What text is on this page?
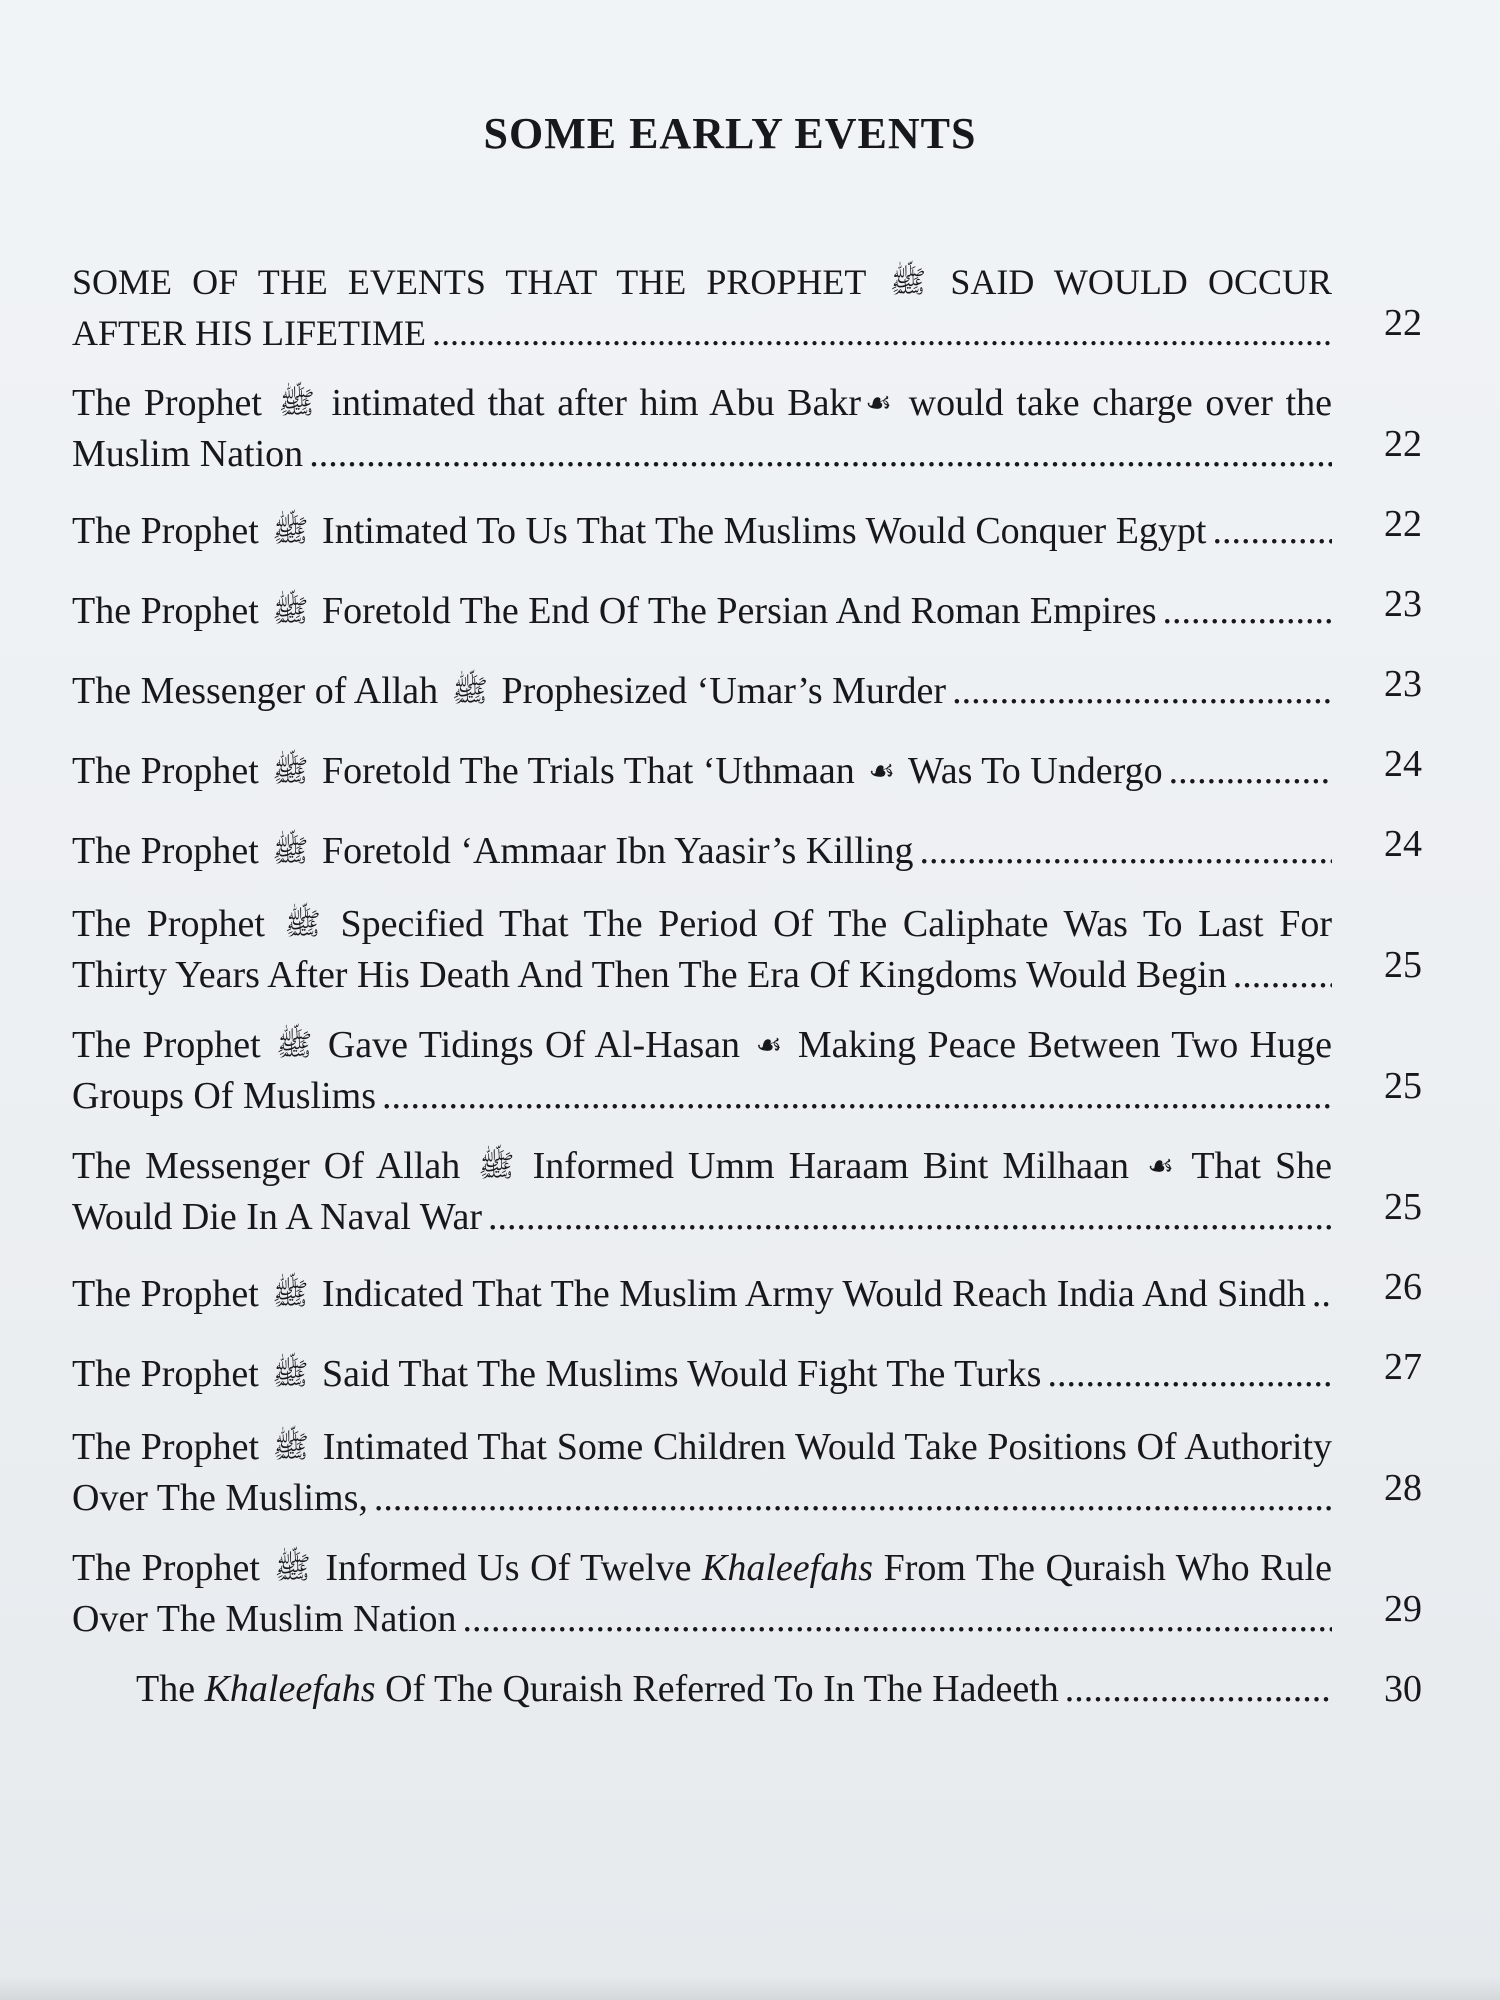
SOME EARLY EVENTS
SOME OF THE EVENTS THAT THE PROPHET ﷺ SAID WOULD OCCUR AFTER HIS LIFETIME .....	22
The Prophet ﷺ intimated that after him Abu Bakr ☙ would take charge over the Muslim Nation .....	22
The Prophet ﷺ Intimated To Us That The Muslims Would Conquer Egypt .....	22
The Prophet ﷺ Foretold The End Of The Persian And Roman Empires .....	23
The Messenger of Allah ﷺ Prophesized ‘Umar’s Murder .....	23
The Prophet ﷺ Foretold The Trials That ‘Uthmaan ☙ Was To Undergo .....	24
The Prophet ﷺ Foretold ‘Ammaar Ibn Yaasir’s Killing .....	24
The Prophet ﷺ Specified That The Period Of The Caliphate Was To Last For Thirty Years After His Death And Then The Era Of Kingdoms Would Begin .....	25
The Prophet ﷺ Gave Tidings Of Al-Hasan ☙ Making Peace Between Two Huge Groups Of Muslims .....	25
The Messenger Of Allah ﷺ Informed Umm Haraam Bint Milhaan ☙ That She Would Die In A Naval War .....	25
The Prophet ﷺ Indicated That The Muslim Army Would Reach India And Sindh .....	26
The Prophet ﷺ Said That The Muslims Would Fight The Turks .....	27
The Prophet ﷺ Intimated That Some Children Would Take Positions Of Authority Over The Muslims, .....	28
The Prophet ﷺ Informed Us Of Twelve Khaleefahs From The Quraish Who Rule Over The Muslim Nation .....	29
The Khaleefahs Of The Quraish Referred To In The Hadeeth .....	30
